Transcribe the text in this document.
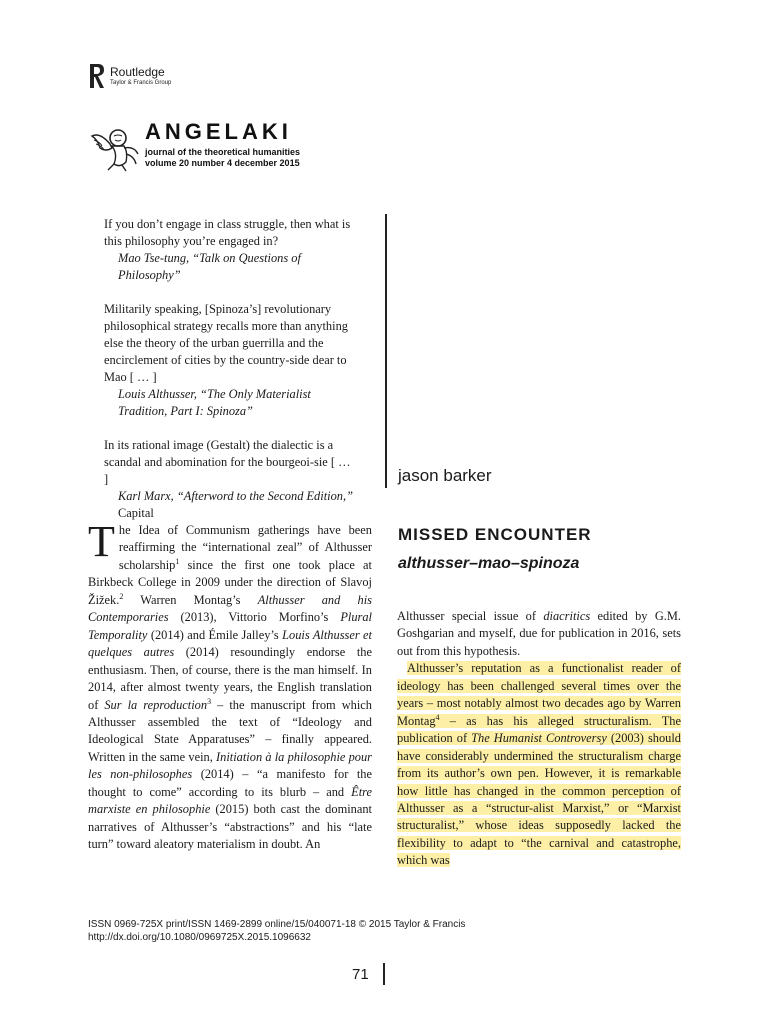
Routledge
Taylor & Francis Group
ANGELAKI
journal of the theoretical humanities
volume 20 number 4 december 2015

If you don’t engage in class struggle, then what is this philosophy you’re engaged in?

Mao Tse-tung, “Talk on Questions of Philosophy”

Militarily speaking, [Spinoza’s] revolutionary philosophical strategy recalls more than anything else the theory of the urban guerrilla and the encirclement of cities by the country-side dear to Mao [ … ]

Louis Althusser, “The Only Materialist Tradition, Part I: Spinoza”

In its rational image (Gestalt) the dialectic is a scandal and abomination for the bourgeoi-sie [ … ]

Karl Marx, “Afterword to the Second Edition,” Capital

jason barker
MISSED ENCOUNTER
althusser–mao–spinoza
The Idea of Communism gatherings have been reaffirming the “international zeal” of Althusser scholarship$^1$ since the first one took place at Birkbeck College in 2009 under the direction of Slavoj Žižek.$^2$ Warren Montag’s Althusser and his Contemporaries (2013), Vittorio Morfino’s Plural Temporality (2014) and Émile Jalley’s Louis Althusser et quelques autres (2014) resoundingly endorse the enthusiasm. Then, of course, there is the man himself. In 2014, after almost twenty years, the English translation of Sur la reproduction$^3$ – the manuscript from which Althusser assembled the text of “Ideology and Ideological State Apparatuses” – finally appeared. Written in the same vein, Initiation à la philosophie pour les non-philosophes (2014) – “a manifesto for the thought to come” according to its blurb – and Être marxiste en philosophie (2015) both cast the dominant narratives of Althusser’s “abstractions” and his “late turn” toward aleatory materialism in doubt. An

Althusser special issue of diacritics edited by G.M. Goshgarian and myself, due for publication in 2016, sets out from this hypothesis.

Althusser’s reputation as a functionalist reader of ideology has been challenged several times over the years – most notably almost two decades ago by Warren Montag$^4$ – as has his alleged structuralism. The publication of The Humanist Controversy (2003) should have considerably undermined the structuralism charge from its author’s own pen. However, it is remarkable how little has changed in the common perception of Althusser as a “structur-alist Marxist,” or “Marxist structuralist,” whose ideas supposedly lacked the flexibility to adapt to “the carnival and catastrophe, which was

ISSN 0969-725X print/ISSN 1469-2899 online/15/040071-18 © 2015 Taylor & Francis
http://dx.doi.org/10.1080/0969725X.2015.1096632
71
